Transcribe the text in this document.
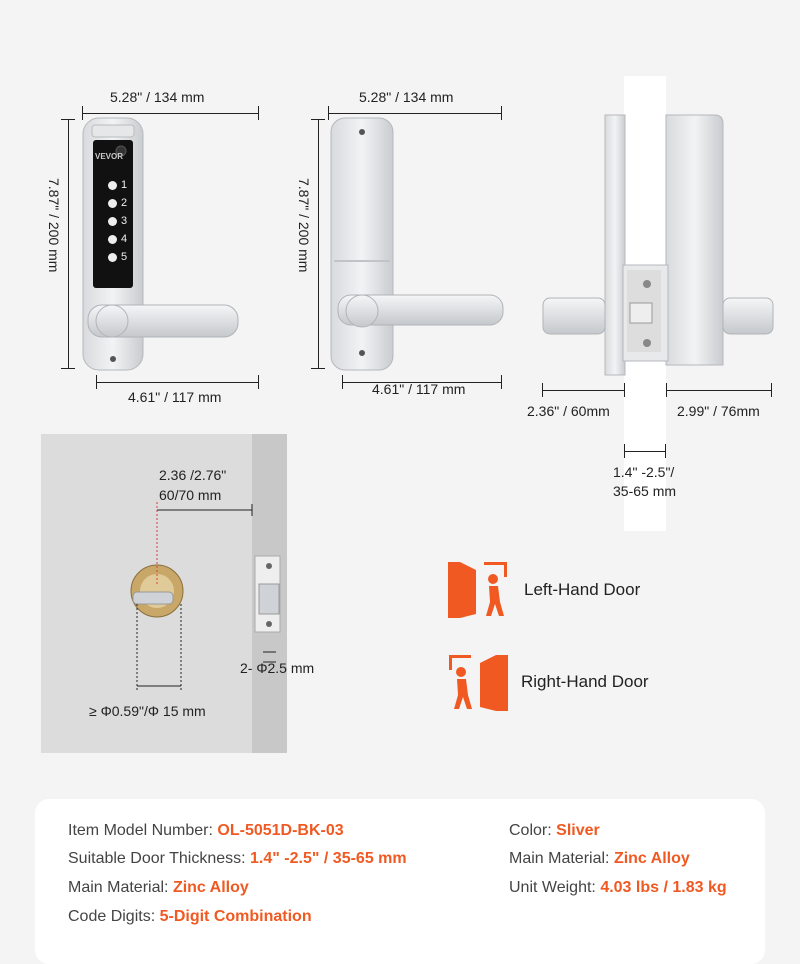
5.28" / 134 mm
7.87" / 200 mm
VEVOR
1
2
3
4
5
4.61" / 117 mm
5.28" / 134 mm
7.87" / 200 mm
4.61" / 117 mm
2.36" / 60mm	2.99" / 76mm
1.4" -2.5"/
35-65 mm
2.36 /2.76"
60/70 mm
≥ Φ0.59"/Φ 15 mm
2- Φ2.5 mm
Left-Hand Door
Right-Hand Door
Item Model Number: OL-5051D-BK-03
Suitable Door Thickness: 1.4" -2.5" / 35-65 mm
Main Material: Zinc Alloy
Code Digits: 5-Digit Combination
Color: Sliver
Main Material: Zinc Alloy
Unit Weight: 4.03 lbs / 1.83 kg
